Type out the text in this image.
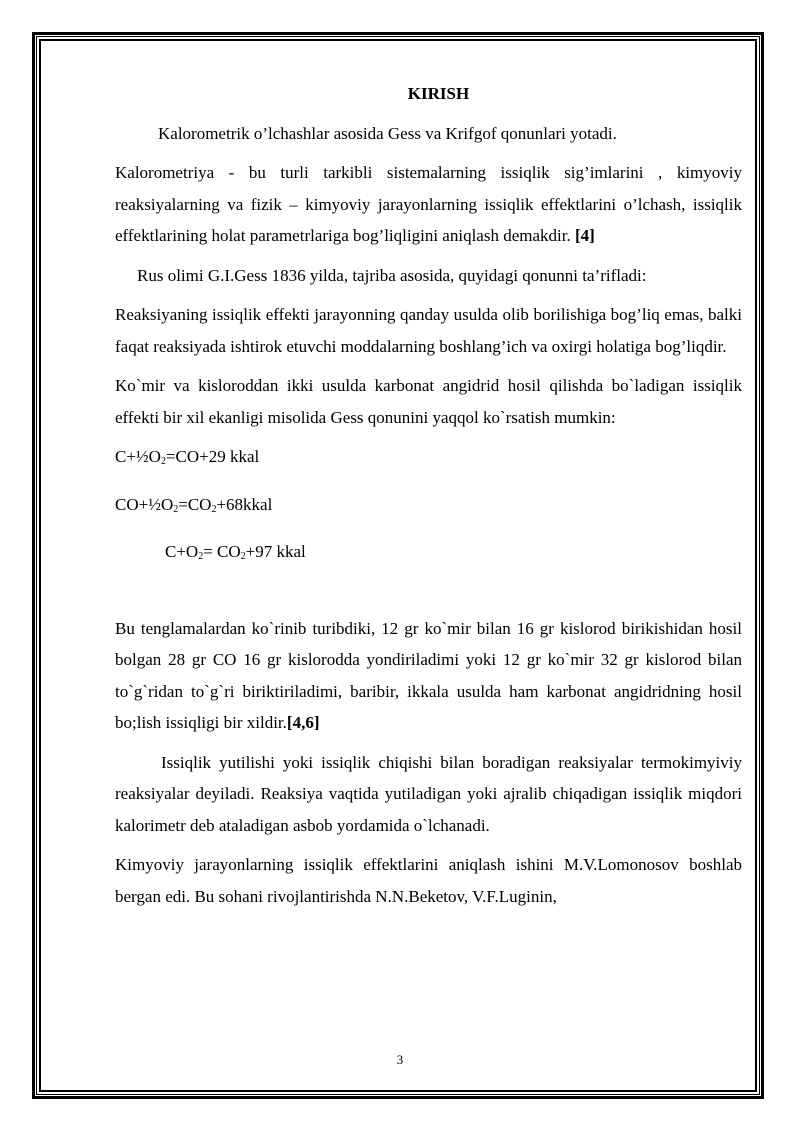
KIRISH

Kalorometrik o’lchashlar asosida Gess va Krifgof qonunlari yotadi.

Kalorometriya - bu turli tarkibli sistemalarning issiqlik sig’imlarini , kimyoviy reaksiyalarning va fizik – kimyoviy jarayonlarning issiqlik effektlarini o’lchash, issiqlik effektlarining holat parametrlariga bog’liqligini aniqlash demakdir. [4]

Rus olimi G.I.Gess 1836 yilda, tajriba asosida, quyidagi qonunni ta’rifladi:

Reaksiyaning issiqlik effekti jarayonning qanday usulda olib borilishiga bog’liq emas, balki faqat reaksiyada ishtirok etuvchi moddalarning boshlang’ich va oxirgi holatiga bog’liqdir.

Ko`mir va kisloroddan ikki usulda karbonat angidrid hosil qilishda bo`ladigan issiqlik effekti bir xil ekanligi misolida Gess qonunini yaqqol ko`rsatish mumkin:

$C+\frac{1}{2}O_2=CO+29$ kkal

$CO+\frac{1}{2}O_2=CO_2+68kkal$

$C+O_2= CO_2+97$ kkal

Bu tenglamalardan ko`rinib turibdiki, 12 gr ko`mir bilan 16 gr kislorod birikishidan hosil bolgan 28 gr CO 16 gr kislorodda yondiriladimi yoki 12 gr ko`mir 32 gr kislorod bilan to`g`ridan to`g`ri biriktiriladimi, baribir, ikkala usulda ham karbonat angidridning hosil bo;lish issiqligi bir xildir.[4,6]

Issiqlik yutilishi yoki issiqlik chiqishi bilan boradigan reaksiyalar termokimyiviy reaksiyalar deyiladi. Reaksiya vaqtida yutiladigan yoki ajralib chiqadigan issiqlik miqdori kalorimetr deb ataladigan asbob yordamida o`lchanadi.

Kimyoviy jarayonlarning issiqlik effektlarini aniqlash ishini M.V.Lomonosov boshlab bergan edi. Bu sohani rivojlantirishda N.N.Beketov, V.F.Luginin,

3
